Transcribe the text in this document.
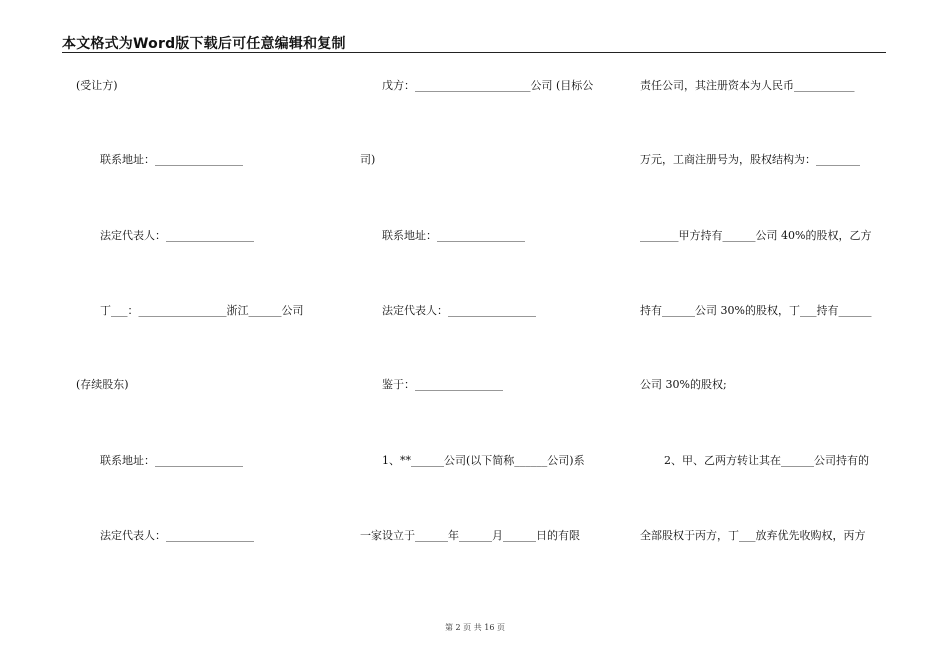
本文格式为Word版下载后可任意编辑和复制
(受让方)
联系地址：________________
法定代表人：________________
丁___：________________浙江______公司
(存续股东)
联系地址：________________
法定代表人：________________
戊方：_____________________公司 (目标公
司)
联系地址：________________
法定代表人：________________
鉴于：________________
1、**______公司(以下简称______公司)系
一家设立于______年______月______日的有限
责任公司，其注册资本为人民币___________
万元，工商注册号为，股权结构为：________
_______甲方持有______公司 40%的股权，乙方
持有______公司 30%的股权，丁___持有______
公司 30%的股权;
2、甲、乙两方转让其在______公司持有的
全部股权于丙方，丁___放弃优先收购权，丙方
第 2 页 共 16 页
